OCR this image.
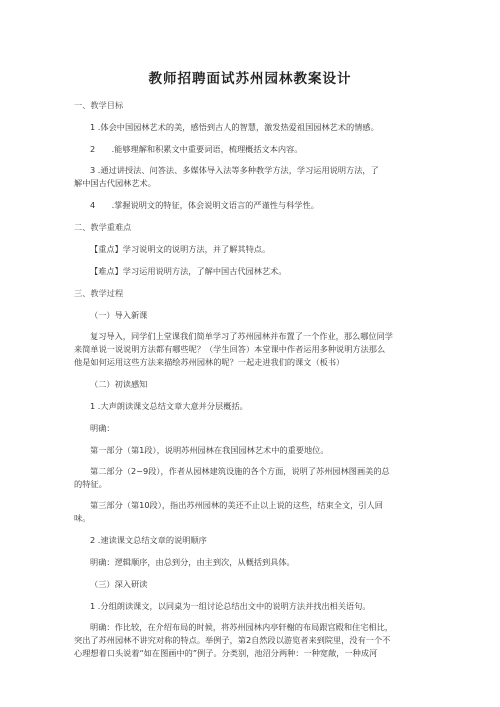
教师招聘面试苏州园林教案设计
一、教学目标
1 .体会中国园林艺术的美，感悟到古人的智慧，激发热爱祖国园林艺术的情感。
2　　.能够理解和积累文中重要词语，梳理概括文本内容。
3 .通过讲授法、问答法、多媒体导入法等多种教学方法，学习运用说明方法，了
解中国古代园林艺术。
4　　.掌握说明文的特征，体会说明文语言的严谨性与科学性。
二、教学重难点
【重点】学习说明文的说明方法，并了解其特点。
【难点】学习运用说明方法，了解中国古代园林艺术。
三、教学过程
（一）导入新课
复习导入，同学们上堂课我们简单学习了苏州园林并布置了一个作业，那么哪位同学
来简单说一说说明方法都有哪些呢？（学生回答）本堂课中作者运用多种说明方法那么
他是如何运用这些方法来描绘苏州园林的呢？一起走进我们的课文（板书）
（二）初读感知
1 .大声朗读课文总结文章大意并分层概括。
明确：
第一部分（第1段），说明苏州园林在我国园林艺术中的重要地位。
第二部分（2~9段），作者从园林建筑设施的各个方面，说明了苏州园林图画美的总
的特征。
第三部分（第10段），指出苏州园林的美还不止以上说的这些，结束全文，引人回
味。
2 .速读课文总结文章的说明顺序
明确：逻辑顺序，由总到分，由主到次，从概括到具体。
（三）深入研读
1 .分组朗读课文，以同桌为一组讨论总结出文中的说明方法并找出相关语句。
明确：作比较，在介绍布局的时候，将苏州园林内亭轩榭的布局跟宫殿和住宅相比，
突出了苏州园林不讲究对称的特点。举例子，第2自然段以游览者来到院里，没有一个不
心理想着口头说着“如在图画中的”例子。分类别，池沼分两种：一种宽敞，一种成河
